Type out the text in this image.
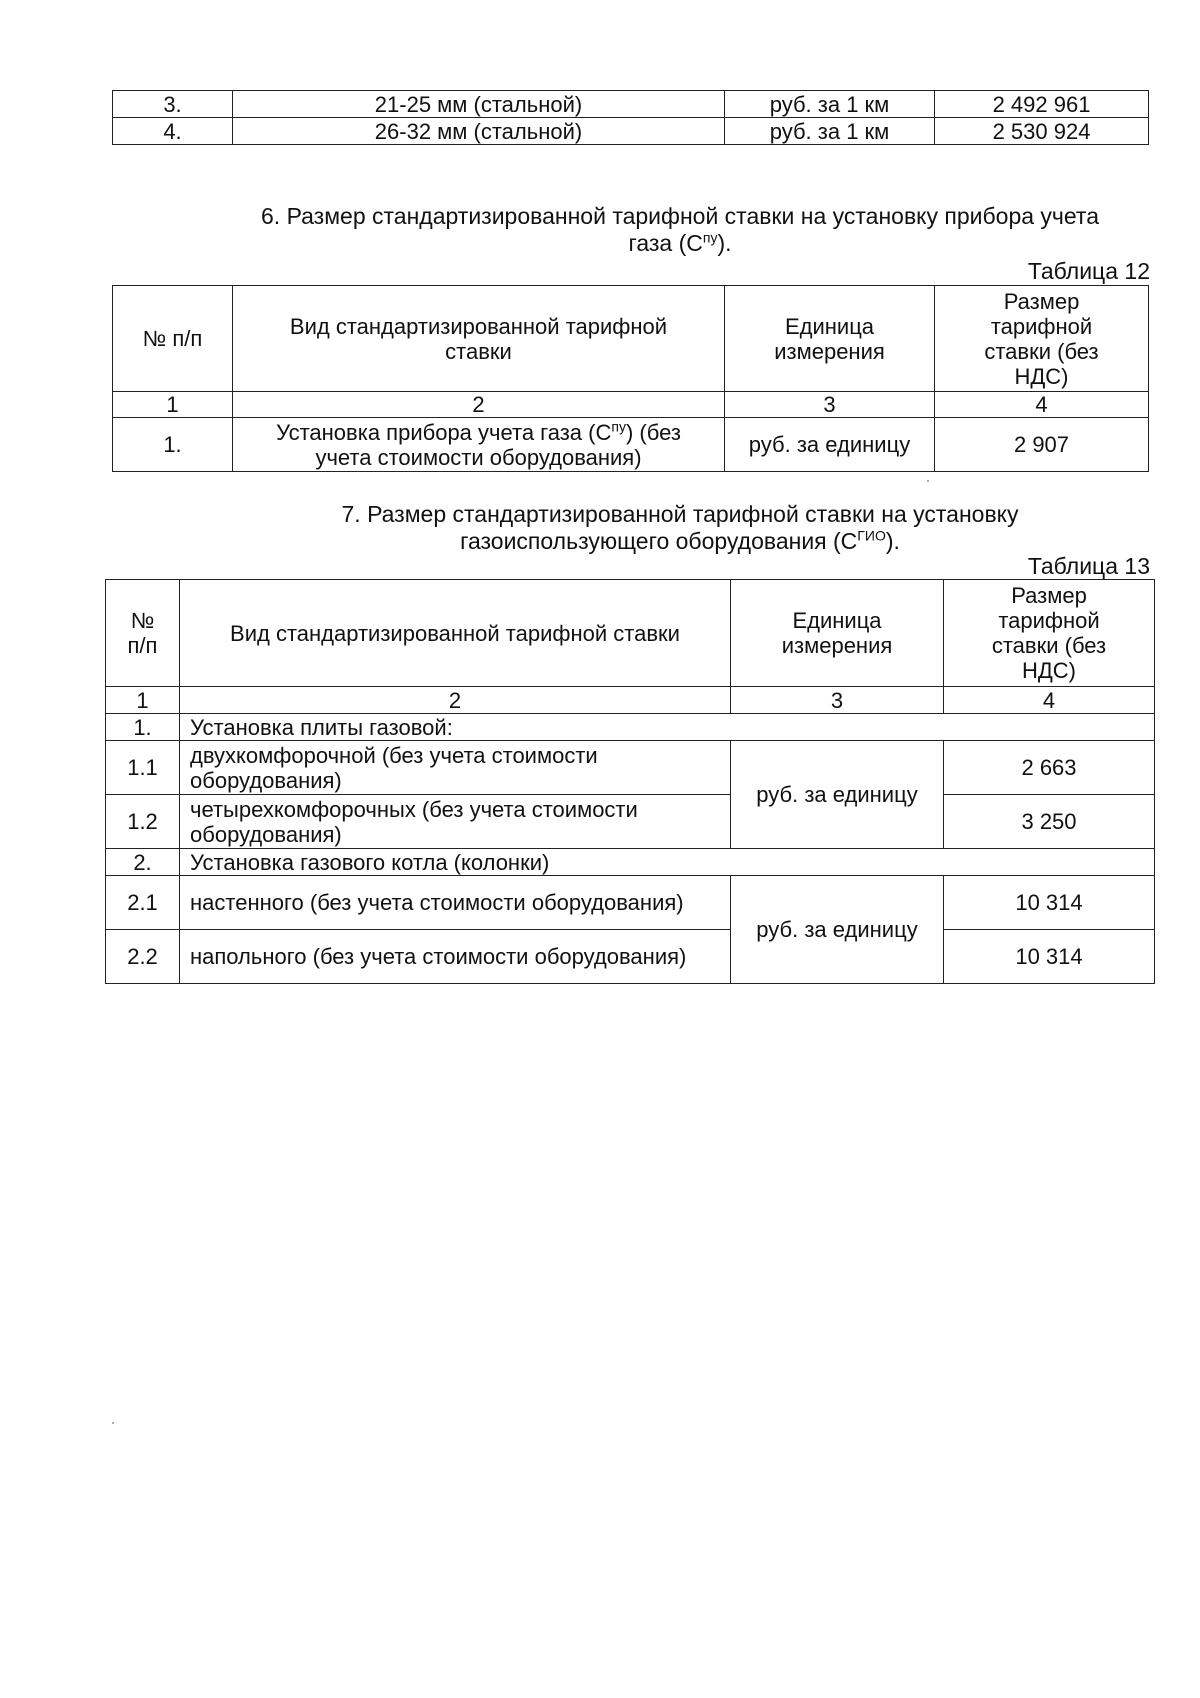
3.	21-25 мм (стальной)	руб. за 1 км	2 492 961
4.	26-32 мм (стальной)	руб. за 1 км	2 530 924
6. Размер стандартизированной тарифной ставки на установку прибора учета
газа $(С^{пу})$.
Таблица 12
№ п/п	Вид стандартизированной тарифной ставки	Единица измерения	Размер тарифной ставки (без НДС)
1	2	3	4
1.	Установка прибора учета газа $(С^{пу})$ (без учета стоимости оборудования)	руб. за единицу	2 907
7. Размер стандартизированной тарифной ставки на установку
газоиспользующего оборудования $(С^{ГИО})$.
Таблица 13
№ п/п	Вид стандартизированной тарифной ставки	Единица измерения	Размер тарифной ставки (без НДС)
1	2	3	4
1.	Установка плиты газовой:		
1.1	двухкомфорочной (без учета стоимости оборудования)	руб. за единицу	2 663
1.2	четырехкомфорочных (без учета стоимости оборудования)		3 250
2.	Установка газового котла (колонки)		
2.1	настенного (без учета стоимости оборудования)	руб. за единицу	10 314
2.2	напольного (без учета стоимости оборудования)		10 314
